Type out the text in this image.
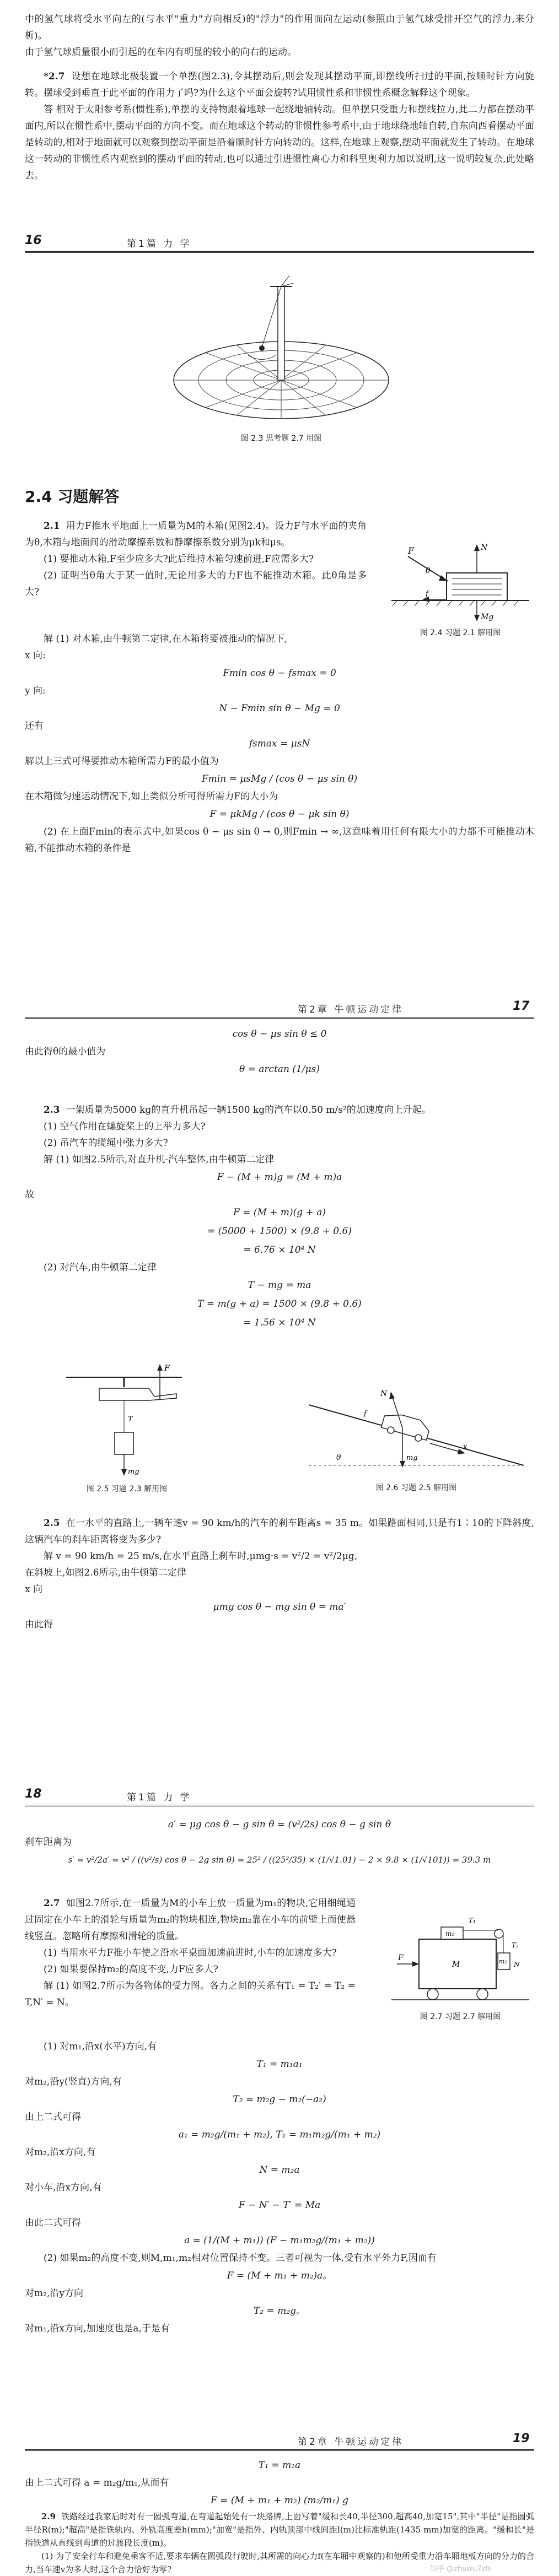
中的氢气球将受水平向左的(与水平"重力"方向相反)的"浮力"的作用而向左运动(参照由于氢气球受排开空气的浮力,来分析)。

由于氢气球质量很小而引起的在车内有明显的较小的向右的运动。

*2.7 设想在地球北极装置一个单摆(图2.3),令其摆动后,则会发现其摆动平面,即摆线所扫过的平面,按顺时针方向旋转。摆球受到垂直于此平面的作用力了吗?为什么这个平面会旋转?试用惯性系和非惯性系概念解释这个现象。

答 相对于太阳参考系(惯性系),单摆的支持物跟着地球一起绕地轴转动。但单摆只受重力和摆线拉力,此二力都在摆动平面内,所以在惯性系中,摆动平面的方向不变。而在地球这个转动的非惯性参考系中,由于地球绕地轴自转,自东向西看摆动平面是转动的,相对于地面就可以观察到摆动平面是沿着顺时针方向转动的。这样,在地球上观察,摆动平面就发生了转动。在地球这一转动的非惯性系内观察到的摆动平面的转动,也可以通过引进惯性离心力和科里奥利力加以说明,这一说明较复杂,此处略去。

16	第1篇 力 学
图 2.3 思考题 2.7 用图
2.4 习题解答

2.1 用力F推水平地面上一质量为M的木箱(见图2.4)。设力F与水平面的夹角为θ,木箱与地面间的滑动摩擦系数和静摩擦系数分别为μk和μs。

(1) 要推动木箱,F至少应多大?此后维持木箱匀速前进,F应需多大?

(2) 证明当θ角大于某一值时,无论用多大的力F也不能推动木箱。此θ角是多大?

F	N
Mg
f
θ
图 2.4 习题 2.1 解用图

解 (1) 对木箱,由牛顿第二定律,在木箱将要被推动的情况下,

x 向:

Fmin cos θ − fsmax = 0

y 向:

N − Fmin sin θ − Mg = 0

还有

fsmax = μsN

解以上三式可得要推动木箱所需力F的最小值为

Fmin = μsMg / (cos θ − μs sin θ)

在木箱做匀速运动情况下,如上类似分析可得所需力F的大小为

F = μkMg / (cos θ − μk sin θ)

(2) 在上面Fmin的表示式中,如果cos θ − μs sin θ → 0,则Fmin → ∞,这意味着用任何有限大小的力都不可能推动木箱,不能推动木箱的条件是

第2章 牛顿运动定律	17

cos θ − μs sin θ ≤ 0

由此得θ的最小值为

θ = arctan (1/μs)

2.3 一架质量为5000 kg的直升机吊起一辆1500 kg的汽车以0.50 m/s²的加速度向上升起。

(1) 空气作用在螺旋桨上的上举力多大?

(2) 吊汽车的缆绳中张力多大?

解 (1) 如图2.5所示,对直升机-汽车整体,由牛顿第二定律

F − (M + m)g = (M + m)a

故

F = (M + m)(g + a)

= (5000 + 1500) × (9.8 + 0.6)

= 6.76 × 10⁴ N

(2) 对汽车,由牛顿第二定律

T − mg = ma

T = m(g + a) = 1500 × (9.8 + 0.6)

= 1.56 × 10⁴ N

F
mg
T
图 2.5 习题 2.3 解用图
N
mg
x
θ
f
图 2.6 习题 2.5 解用图

2.5 在一水平的直路上,一辆车速v = 90 km/h的汽车的刹车距离s = 35 m。如果路面相同,只是有1∶10的下降斜度,这辆汽车的刹车距离将变为多少?

解 v = 90 km/h = 25 m/s,在水平直路上刹车时,μmg·s = v²/2 = v²/2μg,

在斜坡上,如图2.6所示,由牛顿第二定律

x 向

μmg cos θ − mg sin θ = ma′

由此得

18	第1篇 力 学

a′ = μg cos θ − g sin θ = (v²/2s) cos θ − g sin θ

刹车距离为

s′ = v²/2a′ = v² / ((v²/s) cos θ − 2g sin θ) = 25² / ((25²/35) × (1/√1.01) − 2 × 9.8 × (1/√101)) = 39.3 m

2.7 如图2.7所示,在一质量为M的小车上放一质量为m₁的物块,它用细绳通过固定在小车上的滑轮与质量为m₂的物块相连,物块m₂靠在小车的前壁上而使悬线竖直。忽略所有摩擦和滑轮的质量。

(1) 当用水平力F推小车使之沿水平桌面加速前进时,小车的加速度多大?

(2) 如果要保持m₂的高度不变,力F应多大?

解 (1) 如图2.7所示为各物体的受力图。各力之间的关系有T₁ = T₂′ = T₂ = T,N′ = N。

m₁
m₂
F
T₁
T₂
N
M
图 2.7 习题 2.7 解用图

(1) 对m₁,沿x(水平)方向,有

T₁ = m₁a₁

对m₂,沿y(竖直)方向,有

T₂ = m₂g − m₂(−a₂)

由上二式可得

a₁ = m₂g/(m₁ + m₂), T₁ = m₁m₂g/(m₁ + m₂)

对m₂,沿x方向,有

N = m₂a

对小车,沿x方向,有

F − N′ − T′ = Ma

由此二式可得

a = (1/(M + m₁)) (F − m₁m₂g/(m₁ + m₂))

(2) 如果m₂的高度不变,则M,m₁,m₂相对位置保持不变。三者可视为一体,受有水平外力F,因而有

F = (M + m₁ + m₂)a。

对m₂,沿y方向

T₂ = m₂g。

对m₁,沿x方向,加速度也是a,于是有

第2章 牛顿运动定律	19

T₁ = m₁a

由上二式可得 a = m₂g/m₁,从而有

F = (M + m₁ + m₂) (m₂/m₁) g

2.9 铁路经过我家后时对有一圆弧弯道,在弯道起始处有一块路牌,上面写着"缓和长40,半径300,超高40,加宽15",其中"半径"是指圆弧半径R(m);"超高"是指铁轨内、外轨高度差h(mm);"加宽"是指外、内轨顶部中线间距l(m)比标准轨距(1435 mm)加宽的距离。"缓和长"是指铁道从直线到弯道的过渡段长度(m)。

(1) 为了安全行车和避免乘客不适,要求车辆在圆弧段行驶时,其所需的向心力f(在车厢中观察的)和他所受重力沿车厢地板方向的分力的合力,当车速v为多大时,这个合力恰好为零?	知乎 @zhuwu7zhi
